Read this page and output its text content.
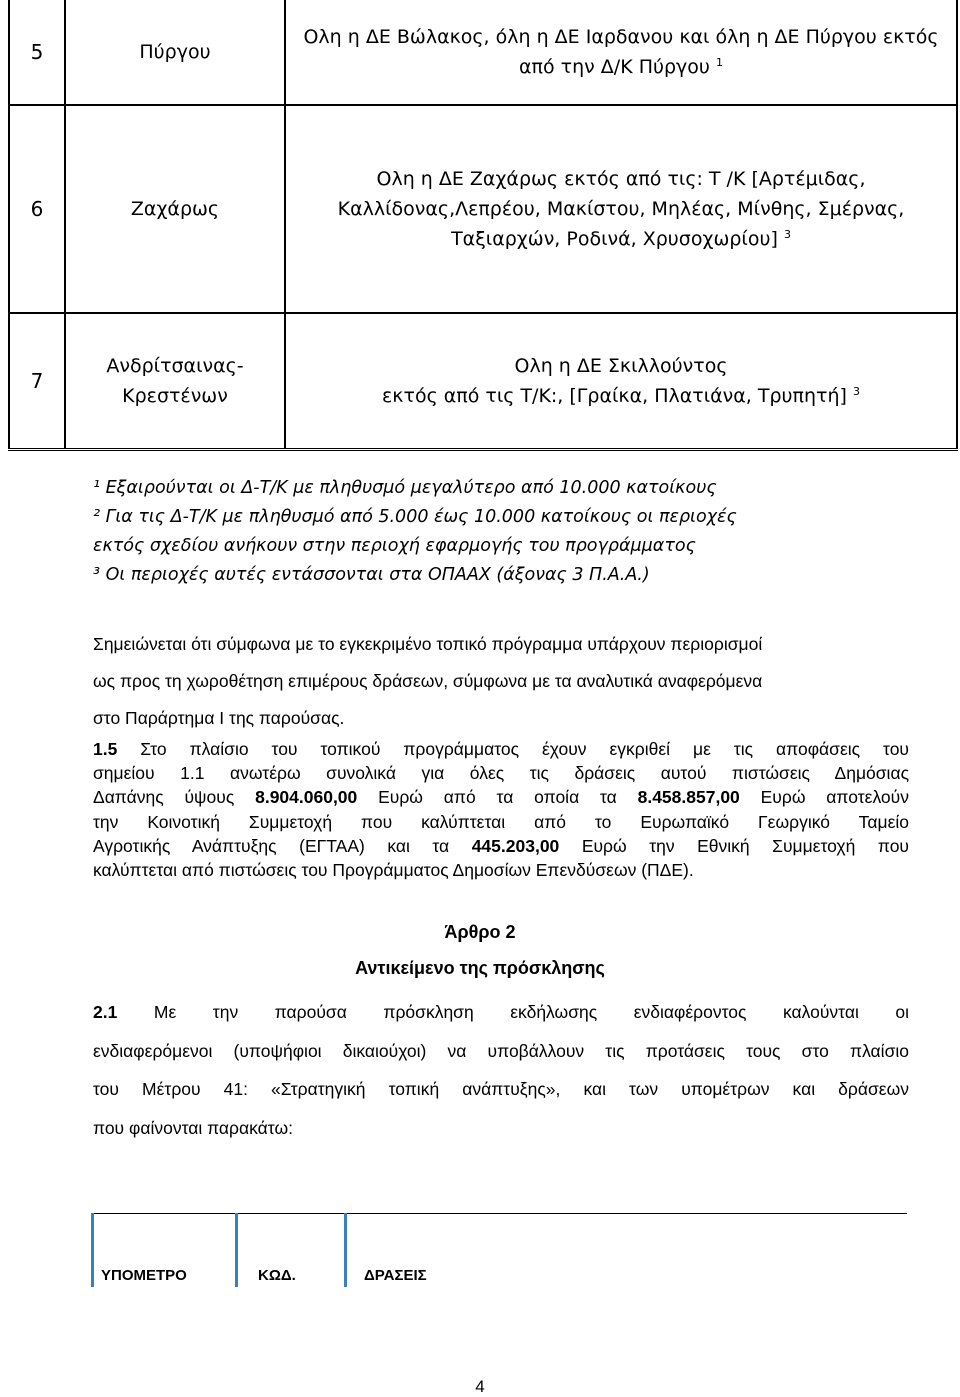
5	Πύργου	Ολη η ΔΕ Βώλακος, όλη η ΔΕ Ιαρδανου και όλη η ΔΕ Πύργου εκτός
από την Δ/Κ Πύργου $^1$

6	Ζαχάρως	Ολη η ΔΕ Ζαχάρως εκτός από τις: Τ /Κ [Αρτέμιδας,
Καλλίδονας,Λεπρέου, Μακίστου, Μηλέας, Μίνθης, Σμέρνας,
Ταξιαρχών, Ροδινά, Χρυσοχωρίου] $^3$

7	Ανδρίτσαινας-
Κρεστένων	Ολη η ΔΕ Σκιλλούντος
εκτός από τις Τ/Κ:, [Γραίκα, Πλατιάνα, Τρυπητή] $^3$
¹ Εξαιρούνται οι Δ-Τ/Κ με πληθυσμό μεγαλύτερο από 10.000 κατοίκους
² Για τις Δ-Τ/Κ με πληθυσμό από 5.000 έως 10.000 κατοίκους οι περιοχές
εκτός σχεδίου ανήκουν στην περιοχή εφαρμογής του προγράμματος
³ Οι περιοχές αυτές εντάσσονται στα ΟΠΑΑΧ (άξονας 3 Π.Α.Α.)
Σημειώνεται ότι σύμφωνα με το εγκεκριμένο τοπικό πρόγραμμα υπάρχουν περιορισμοί
ως προς τη χωροθέτηση επιμέρους δράσεων, σύμφωνα με τα αναλυτικά αναφερόμενα
στο Παράρτημα Ι της παρούσας.
1.5 Στο πλαίσιο του τοπικού προγράμματος έχουν εγκριθεί με τις αποφάσεις του
σημείου 1.1 ανωτέρω συνολικά για όλες τις δράσεις αυτού πιστώσεις Δημόσιας
Δαπάνης ύψους 8.904.060,00 Ευρώ από τα οποία τα 8.458.857,00 Ευρώ αποτελούν
την Κοινοτική Συμμετοχή που καλύπτεται από το Ευρωπαϊκό Γεωργικό Ταμείο
Αγροτικής Ανάπτυξης (ΕΓΤΑΑ) και τα 445.203,00 Ευρώ την Εθνική Συμμετοχή που
καλύπτεται από πιστώσεις του Προγράμματος Δημοσίων Επενδύσεων (ΠΔΕ).
Άρθρο 2
Αντικείμενο της πρόσκλησης
2.1 Με την παρούσα πρόσκληση εκδήλωσης ενδιαφέροντος καλούνται οι
ενδιαφερόμενοι (υποψήφιοι δικαιούχοι) να υποβάλλουν τις προτάσεις τους στο πλαίσιο
του Μέτρου 41: «Στρατηγική τοπική ανάπτυξης», και των υπομέτρων και δράσεων
που φαίνονται παρακάτω:
ΥΠΟΜΕΤΡΟ	ΚΩΔ.	ΔΡΑΣΕΙΣ
4
